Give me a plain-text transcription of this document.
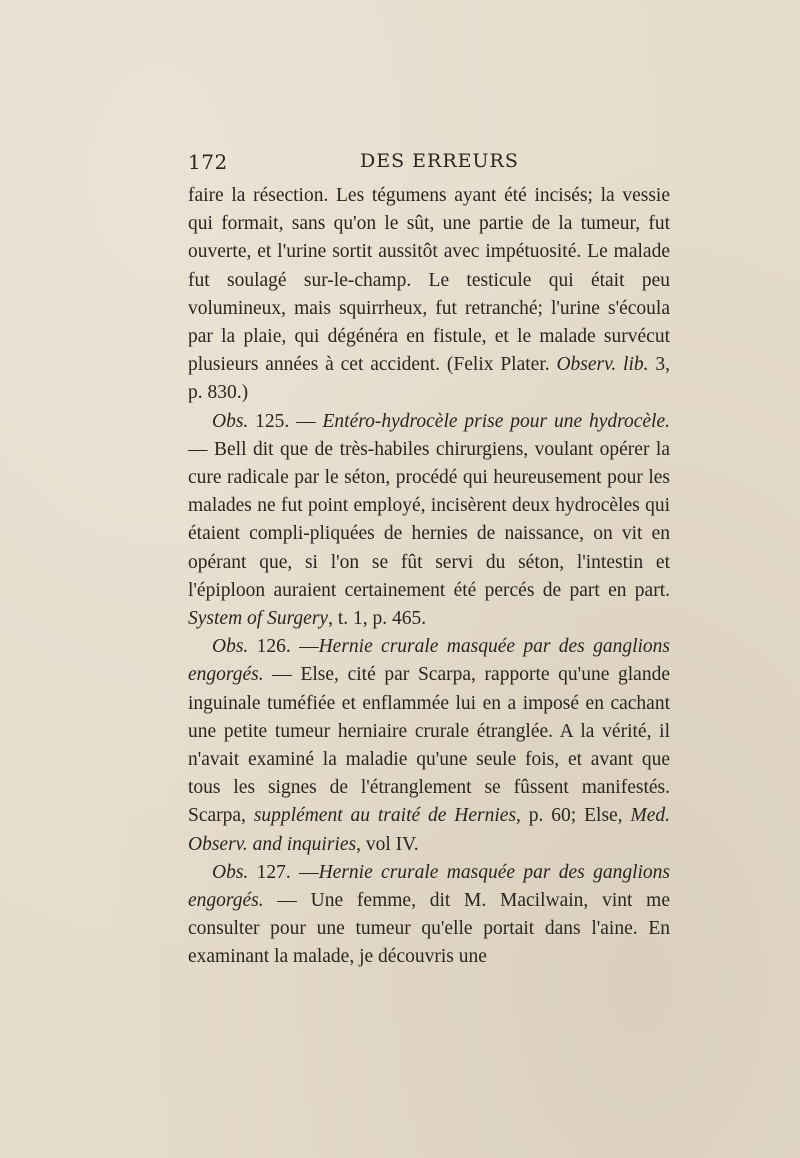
172	DES ERREURS

faire la résection. Les tégumens ayant été incisés; la vessie qui formait, sans qu'on le sût, une partie de la tumeur, fut ouverte, et l'urine sortit aussitôt avec impétuosité. Le malade fut soulagé sur-le-champ. Le testicule qui était peu volumineux, mais squirrheux, fut retranché; l'urine s'écoula par la plaie, qui dégénéra en fistule, et le malade survécut plusieurs années à cet accident. (Felix Plater. Observ. lib. 3, p. 830.)

Obs. 125. — Entéro-hydrocèle prise pour une hydrocèle. — Bell dit que de très-habiles chirurgiens, voulant opérer la cure radicale par le séton, procédé qui heureusement pour les malades ne fut point employé, incisèrent deux hydrocèles qui étaient compli-pliquées de hernies de naissance, on vit en opérant que, si l'on se fût servi du séton, l'intestin et l'épiploon auraient certainement été percés de part en part. System of Surgery, t. 1, p. 465.

Obs. 126. —Hernie crurale masquée par des ganglions engorgés. — Else, cité par Scarpa, rapporte qu'une glande inguinale tuméfiée et enflammée lui en a imposé en cachant une petite tumeur herniaire crurale étranglée. A la vérité, il n'avait examiné la maladie qu'une seule fois, et avant que tous les signes de l'étranglement se fûssent manifestés. Scarpa, supplément au traité de Hernies, p. 60; Else, Med. Observ. and inquiries, vol IV.

Obs. 127. —Hernie crurale masquée par des ganglions engorgés. — Une femme, dit M. Macilwain, vint me consulter pour une tumeur qu'elle portait dans l'aine. En examinant la malade, je découvris une
